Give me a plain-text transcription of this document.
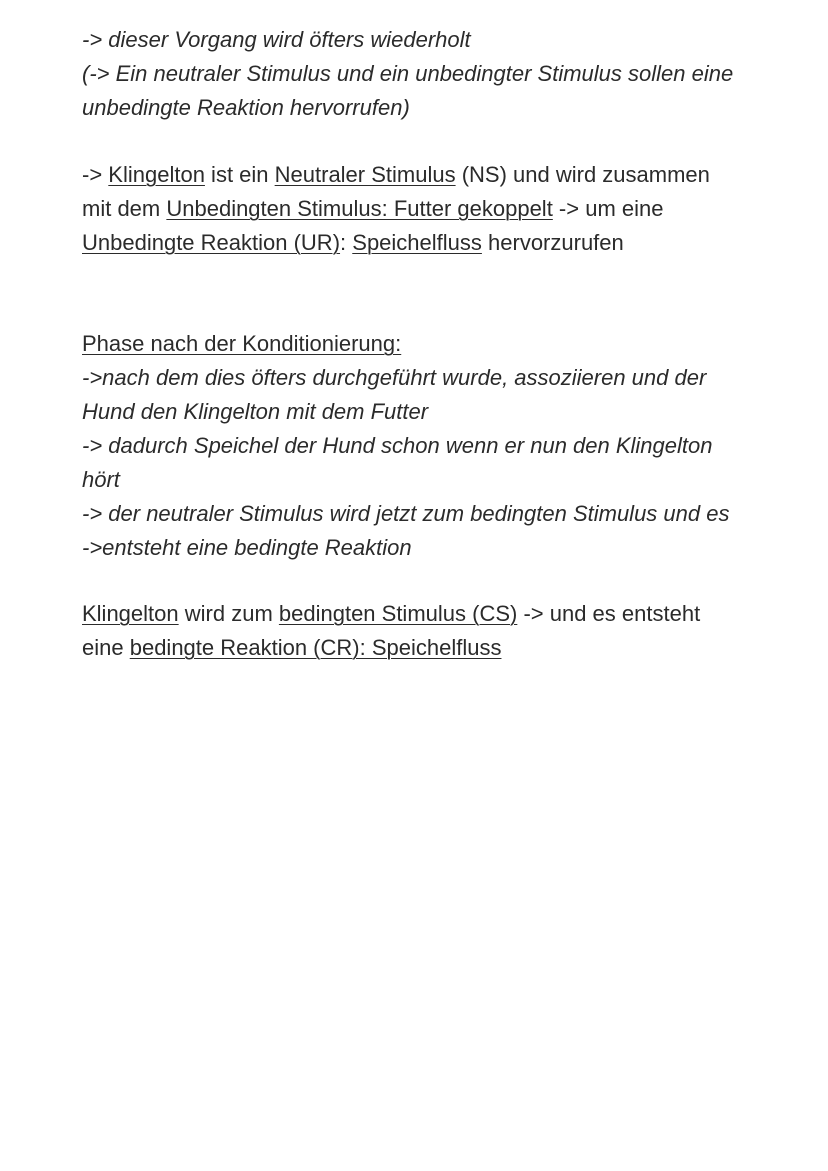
-> dieser Vorgang wird öfters wiederholt
(-> Ein neutraler Stimulus und ein unbedingter Stimulus sollen eine
unbedingte Reaktion hervorrufen)
-> Klingelton ist ein Neutraler Stimulus (NS) und wird zusammen
mit dem Unbedingten Stimulus: Futter gekoppelt -> um eine
Unbedingte Reaktion (UR): Speichelfluss hervorzurufen
Phase nach der Konditionierung:
->nach dem dies öfters durchgeführt wurde, assoziieren und der
Hund den Klingelton mit dem Futter
-> dadurch Speichel der Hund schon wenn er nun den Klingelton
hört
-> der neutraler Stimulus wird jetzt zum bedingten Stimulus und es
->entsteht eine bedingte Reaktion
Klingelton wird zum bedingten Stimulus (CS) -> und es entsteht
eine bedingte Reaktion (CR): Speichelfluss
